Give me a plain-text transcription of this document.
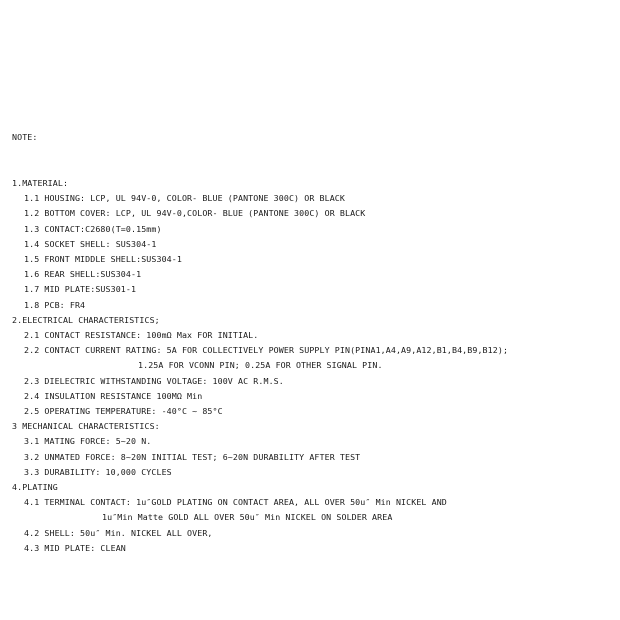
NOTE:

1.MATERIAL:
1.1 HOUSING: LCP, UL 94V-0, COLOR- BLUE (PANTONE 300C) OR BLACK
1.2 BOTTOM COVER: LCP, UL 94V-0,COLOR- BLUE (PANTONE 300C) OR BLACK
1.3 CONTACT:C2680(T=0.15mm)
1.4 SOCKET SHELL: SUS304-1
1.5 FRONT MIDDLE SHELL:SUS304-1
1.6 REAR SHELL:SUS304-1
1.7 MID PLATE:SUS301-1
1.8 PCB: FR4
2.ELECTRICAL CHARACTERISTICS;
2.1 CONTACT RESISTANCE: 100mΩ Max FOR INITIAL.
2.2 CONTACT CURRENT RATING: 5A FOR COLLECTIVELY POWER SUPPLY PIN(PINA1,A4,A9,A12,B1,B4,B9,B12);
1.25A FOR VCONN PIN; 0.25A FOR OTHER SIGNAL PIN.
2.3 DIELECTRIC WITHSTANDING VOLTAGE: 100V AC R.M.S.
2.4 INSULATION RESISTANCE 100MΩ Min
2.5 OPERATING TEMPERATURE: -40°C ~ 85°C
3 MECHANICAL CHARACTERISTICS:
3.1 MATING FORCE: 5~20 N.
3.2 UNMATED FORCE: 8~20N INITIAL TEST; 6~20N DURABILITY AFTER TEST
3.3 DURABILITY: 10,000 CYCLES
4.PLATING
4.1 TERMINAL CONTACT: 1u″GOLD PLATING ON CONTACT AREA, ALL OVER 50u″ Min NICKEL AND
1u″Min Matte GOLD ALL OVER 50u″ Min NICKEL ON SOLDER AREA
4.2 SHELL: 50u″ Min. NICKEL ALL OVER,
4.3 MID PLATE: CLEAN
